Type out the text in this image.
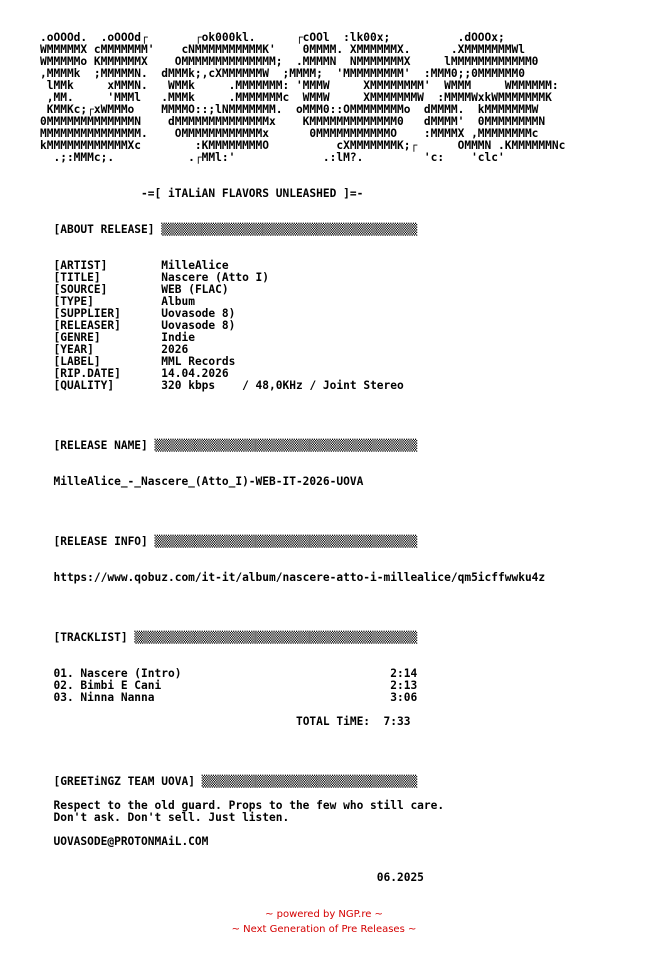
.oOOOd.  .oOOOd┌       ┌ok000kl.      ┌cOOl  :lk00x;          .dOOOx;
WMMMMMX cMMMMMMM'    cNMMMMMMMMMMK'    0MMMM. XMMMMMMX.      .XMMMMMMMWl
WMMMMMo KMMMMMMX    OMMMMMMMMMMMMMM;  .MMMMN  NMMMMMMMX     lMMMMMMMMMMMM0
,MMMMk  ;MMMMMN.  dMMMk;,cXMMMMMMW  ;MMMM;  'MMMMMMMMM'  :MMM0;;0MMMMMM0
lMMk     xMMMN.   WMMk     .MMMMMMM: 'MMMW     XMMMMMMMM'  WMMM     WMMMMMM:
,MM.     'MMMl   .MMMk     .MMMMMMMc  WMMW     XMMMMMMMW  :MMMMWxkWMMMMMMMK
KMMKc;┌xWMMMo    MMMMO::;lNMMMMMMM.  oMMM0::OMMMMMMMMo  dMMMM.  kMMMMMMMW
0MMMMMMMMMMMMMN    dMMMMMMMMMMMMMMx    KMMMMMMMMMMMMM0   dMMMM'  0MMMMMMMMN
MMMMMMMMMMMMMMM.    OMMMMMMMMMMMMx      0MMMMMMMMMMMO    :MMMMX ,MMMMMMMMc
kMMMMMMMMMMMMXc        :KMMMMMMMMO          cXMMMMMMMK;┌      OMMMN .KMMMMMMNc
.;:MMMc;.           .┌MMl:'             .:lM?.         'c:    'clc'
-=[ iTALiAN FLAVORS UNLEASHED ]=-
[ABOUT RELEASE] ▒▒▒▒▒▒▒▒▒▒▒▒▒▒▒▒▒▒▒▒▒▒▒▒▒▒▒▒▒▒▒▒▒▒▒▒▒▒
[ARTIST]        MilleAlice
[TITLE]         Nascere (Atto I)
[SOURCE]        WEB (FLAC)
[TYPE]          Album
[SUPPLIER]      Uovasode 8)
[RELEASER]      Uovasode 8)
[GENRE]         Indie
[YEAR]          2026
[LABEL]         MML Records
[RIP.DATE]      14.04.2026
[QUALITY]       320 kbps    / 48,0KHz / Joint Stereo
[RELEASE NAME] ▒▒▒▒▒▒▒▒▒▒▒▒▒▒▒▒▒▒▒▒▒▒▒▒▒▒▒▒▒▒▒▒▒▒▒▒▒▒▒
MilleAlice_-_Nascere_(Atto_I)-WEB-IT-2026-UOVA
[RELEASE INFO] ▒▒▒▒▒▒▒▒▒▒▒▒▒▒▒▒▒▒▒▒▒▒▒▒▒▒▒▒▒▒▒▒▒▒▒▒▒▒▒
https://www.qobuz.com/it-it/album/nascere-atto-i-millealice/qm5icffwwku4z
[TRACKLIST] ▒▒▒▒▒▒▒▒▒▒▒▒▒▒▒▒▒▒▒▒▒▒▒▒▒▒▒▒▒▒▒▒▒▒▒▒▒▒▒▒▒▒
01. Nascere (Intro)                               2:14
02. Bimbi E Cani                                  2:13
03. Ninna Nanna                                   3:06
TOTAL TiME:  7:33
[GREETiNGZ TEAM UOVA] ▒▒▒▒▒▒▒▒▒▒▒▒▒▒▒▒▒▒▒▒▒▒▒▒▒▒▒▒▒▒▒▒
Respect to the old guard. Props to the few who still care.
Don't ask. Don't sell. Just listen.
UOVASODE@PROTONMAiL.COM
06.2025
~ powered by NGP.re ~
~ Next Generation of Pre Releases ~
